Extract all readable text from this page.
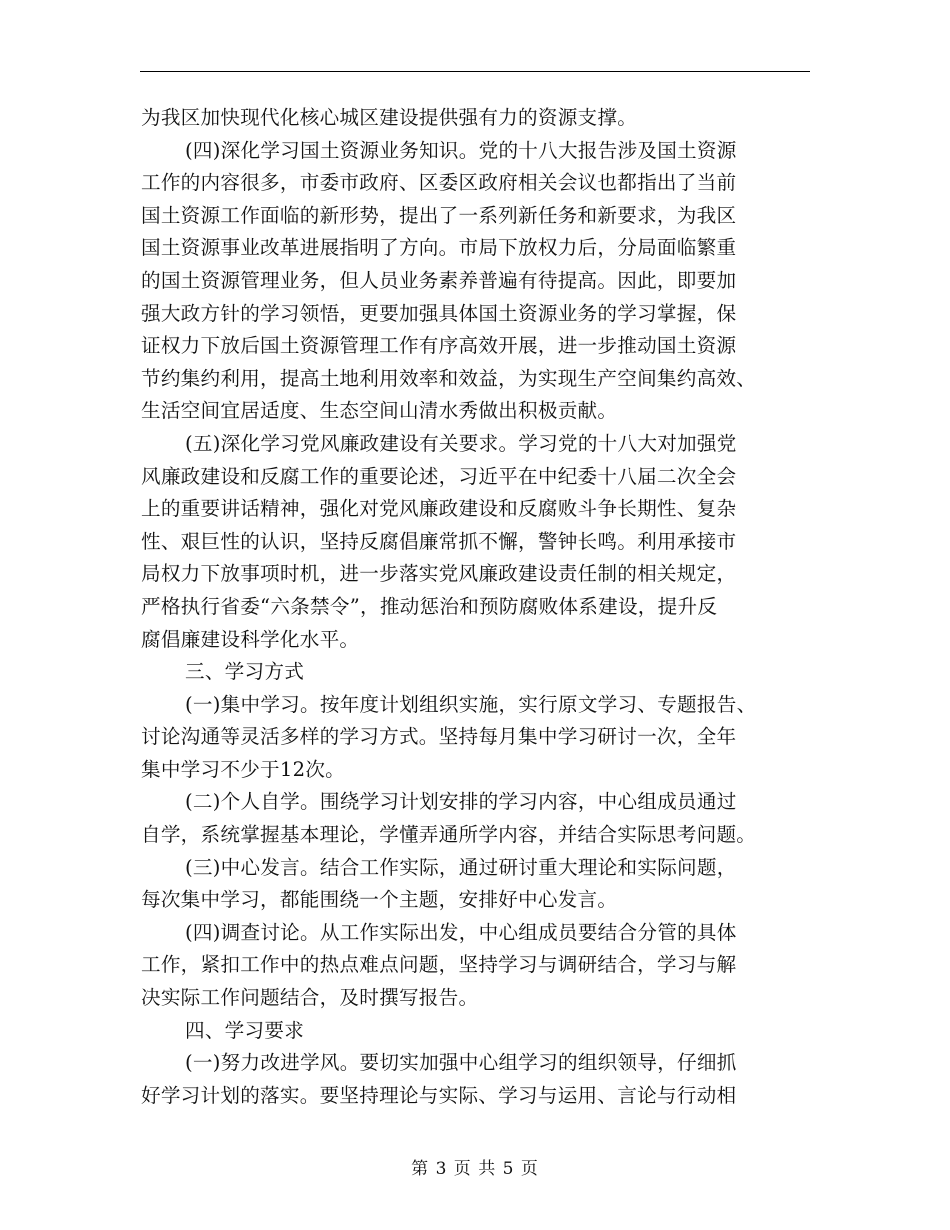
为我区加快现代化核心城区建设提供强有力的资源支撑。
(四)深化学习国土资源业务知识。党的十八大报告涉及国土资源
工作的内容很多，市委市政府、区委区政府相关会议也都指出了当前
国土资源工作面临的新形势，提出了一系列新任务和新要求，为我区
国土资源事业改革进展指明了方向。市局下放权力后，分局面临繁重
的国土资源管理业务，但人员业务素养普遍有待提高。因此，即要加
强大政方针的学习领悟，更要加强具体国土资源业务的学习掌握，保
证权力下放后国土资源管理工作有序高效开展，进一步推动国土资源
节约集约利用，提高土地利用效率和效益，为实现生产空间集约高效、
生活空间宜居适度、生态空间山清水秀做出积极贡献。
(五)深化学习党风廉政建设有关要求。学习党的十八大对加强党
风廉政建设和反腐工作的重要论述，习近平在中纪委十八届二次全会
上的重要讲话精神，强化对党风廉政建设和反腐败斗争长期性、复杂
性、艰巨性的认识，坚持反腐倡廉常抓不懈，警钟长鸣。利用承接市
局权力下放事项时机，进一步落实党风廉政建设责任制的相关规定，
严格执行省委“六条禁令”，推动惩治和预防腐败体系建设，提升反
腐倡廉建设科学化水平。
三、学习方式
(一)集中学习。按年度计划组织实施，实行原文学习、专题报告、
讨论沟通等灵活多样的学习方式。坚持每月集中学习研讨一次，全年
集中学习不少于12次。
(二)个人自学。围绕学习计划安排的学习内容，中心组成员通过
自学，系统掌握基本理论，学懂弄通所学内容，并结合实际思考问题。
(三)中心发言。结合工作实际，通过研讨重大理论和实际问题，
每次集中学习，都能围绕一个主题，安排好中心发言。
(四)调查讨论。从工作实际出发，中心组成员要结合分管的具体
工作，紧扣工作中的热点难点问题，坚持学习与调研结合，学习与解
决实际工作问题结合，及时撰写报告。
四、学习要求
(一)努力改进学风。要切实加强中心组学习的组织领导，仔细抓
好学习计划的落实。要坚持理论与实际、学习与运用、言论与行动相
第 3 页 共 5 页
